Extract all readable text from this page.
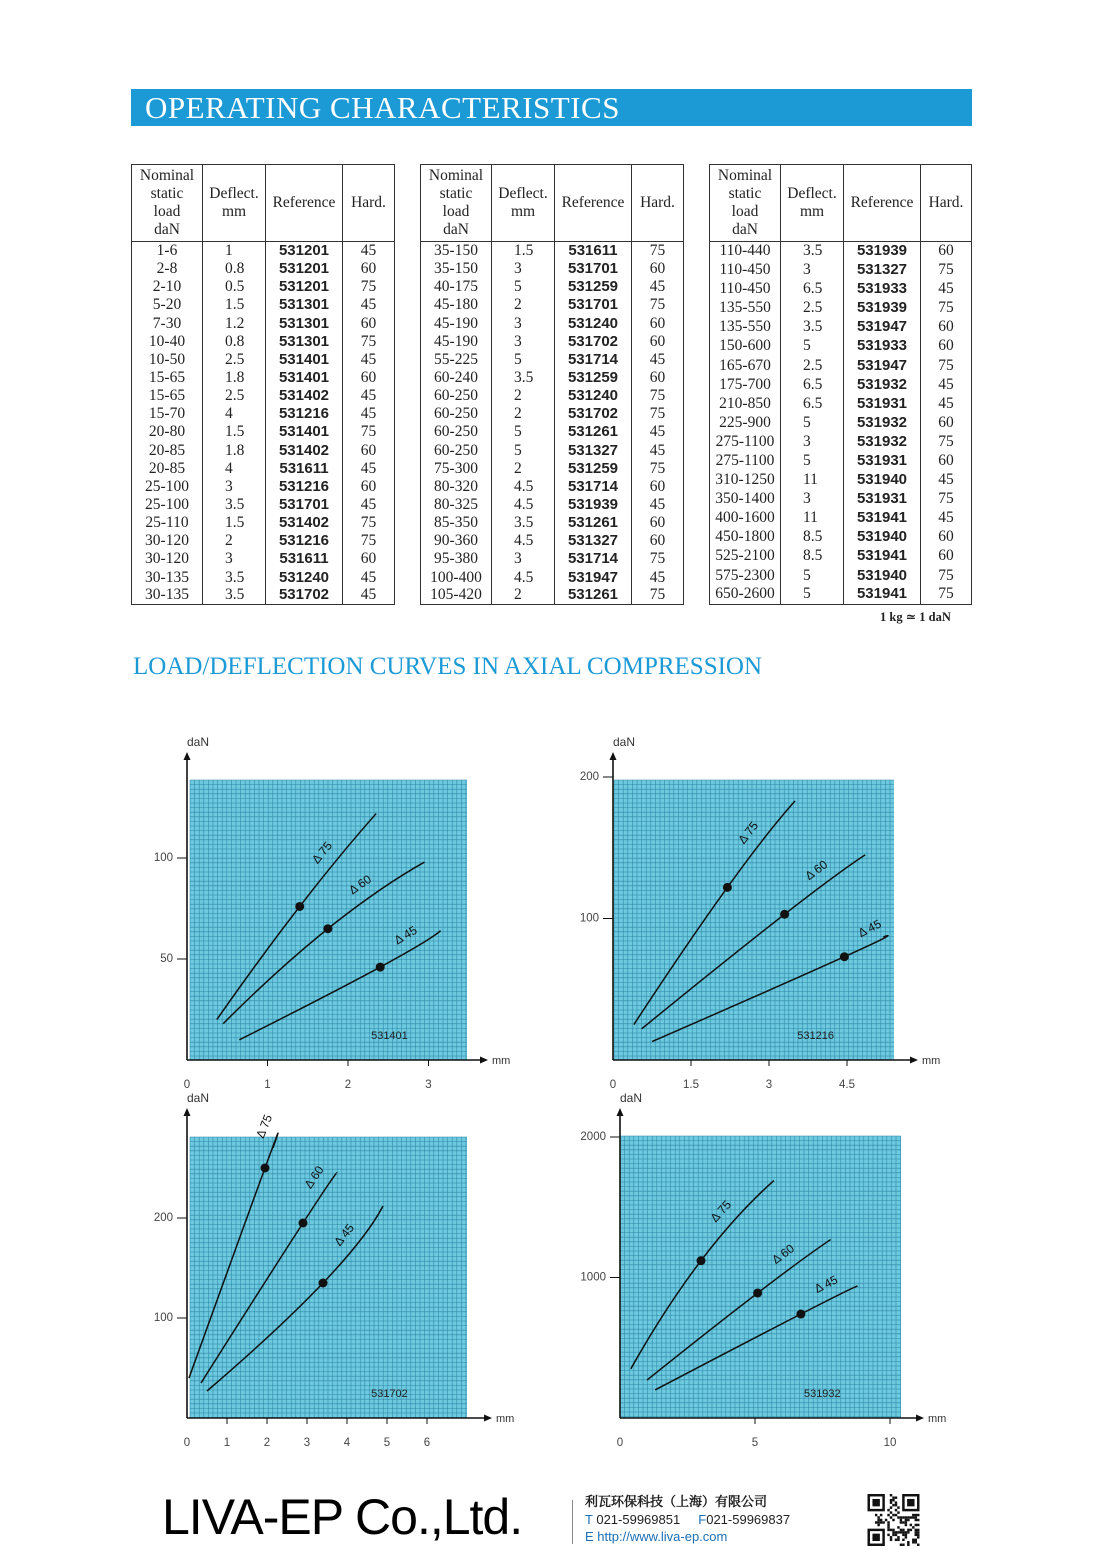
OPERATING CHARACTERISTICS
Nominal
static
load
daN	Deflect.
mm	Reference	Hard.
1-6	1	531201	45
2-8	0.8	531201	60
2-10	0.5	531201	75
5-20	1.5	531301	45
7-30	1.2	531301	60
10-40	0.8	531301	75
10-50	2.5	531401	45
15-65	1.8	531401	60
15-65	2.5	531402	45
15-70	4	531216	45
20-80	1.5	531401	75
20-85	1.8	531402	60
20-85	4	531611	45
25-100	3	531216	60
25-100	3.5	531701	45
25-110	1.5	531402	75
30-120	2	531216	75
30-120	3	531611	60
30-135	3.5	531240	45
30-135	3.5	531702	45
Nominal
static
load
daN	Deflect.
mm	Reference	Hard.
35-150	1.5	531611	75
35-150	3	531701	60
40-175	5	531259	45
45-180	2	531701	75
45-190	3	531240	60
45-190	3	531702	60
55-225	5	531714	45
60-240	3.5	531259	60
60-250	2	531240	75
60-250	2	531702	75
60-250	5	531261	45
60-250	5	531327	45
75-300	2	531259	75
80-320	4.5	531714	60
80-325	4.5	531939	45
85-350	3.5	531261	60
90-360	4.5	531327	60
95-380	3	531714	75
100-400	4.5	531947	45
105-420	2	531261	75
Nominal
static
load
daN	Deflect.
mm	Reference	Hard.
110-440	3.5	531939	60
110-450	3	531327	75
110-450	6.5	531933	45
135-550	2.5	531939	75
135-550	3.5	531947	60
150-600	5	531933	60
165-670	2.5	531947	75
175-700	6.5	531932	45
210-850	6.5	531931	45
225-900	5	531932	60
275-1100	3	531932	75
275-1100	5	531931	60
310-1250	11	531940	45
350-1400	3	531931	75
400-1600	11	531941	45
450-1800	8.5	531940	60
525-2100	8.5	531941	60
575-2300	5	531940	75
650-2600	5	531941	75
1 kg ≃ 1 daN
LOAD/DEFLECTION CURVES IN AXIAL COMPRESSION
daN
mm
0	1	2	3
50
100
531401
Δ 75
Δ 60
Δ 45
daN
mm
0	1.5	3	4.5
100
200
531216
Δ 75
Δ 60
Δ 45
daN
mm
0	1	2	3	4	5	6
100
200
531702
Δ 75
Δ 60
Δ 45
daN
mm
0	5	10
1000
2000
531932
Δ 75
Δ 60
Δ 45
LIVA-EP Co.,Ltd.	利瓦环保科技（上海）有限公司
T 021-59969851 F021-59969837
E http://www.liva-ep.com
